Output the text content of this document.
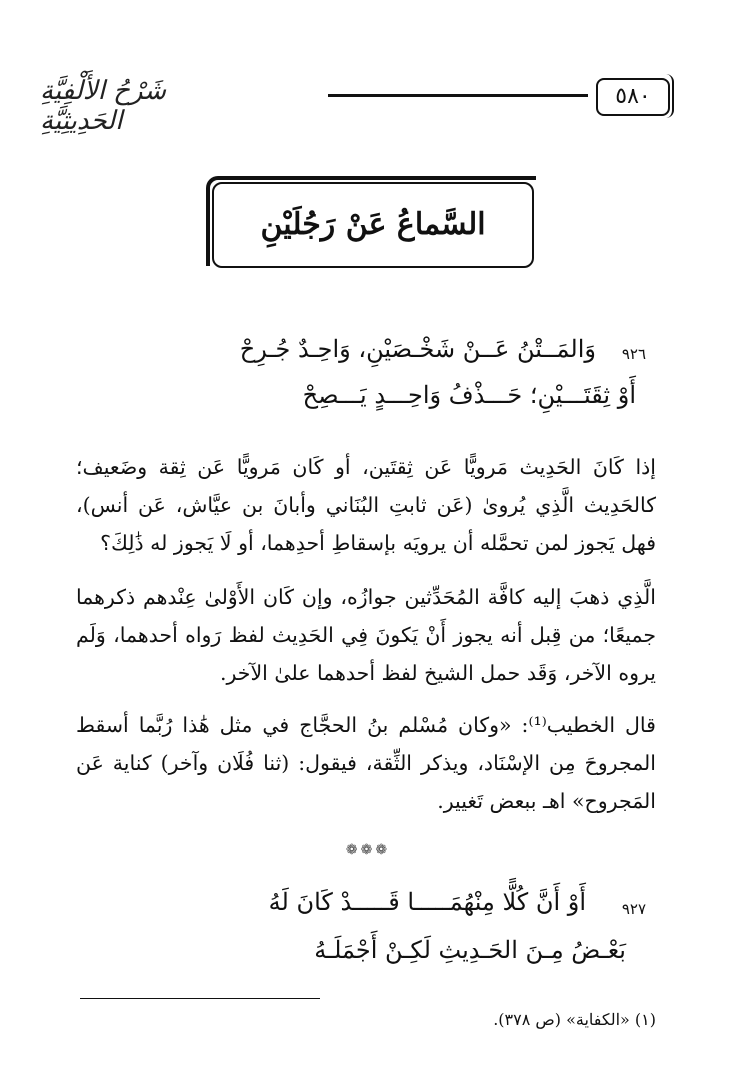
٥٨٠
شَرْحُ الأَلْفِيَّةِ الحَدِيثِيَّةِ
السَّماعُ عَنْ رَجُلَيْنِ
٩٢٦
وَالمَــتْنُ عَــنْ شَخْـصَيْنِ، وَاحِـدٌ جُـرِحْ
أَوْ ثِقَتَـــيْنِ؛ حَـــذْفُ وَاحِـــدٍ يَـــصِحْ
إذا كَانَ الحَدِيث مَرويًّا عَن ثِقتَين، أو كَان مَرويًّا عَن ثِقة وضَعيف؛ كالحَدِيث الَّذِي يُروىٰ (عَن ثابتِ البُنَاني وأبانَ بن عيَّاش، عَن أنس)، فهل يَجوز لمن تحمَّله أن يرويَه بإسقاطِ أحدِهما، أو لَا يَجوز له ذَٰلِكَ؟
الَّذِي ذهبَ إليه كافَّة المُحَدِّثين جوازُه، وإن كَان الأَوْلىٰ عِنْدهم ذكرهما جميعًا؛ من قِبل أنه يجوز أَنْ يَكونَ فِي الحَدِيث لفظ رَواه أحدهما، وَلَم يروه الآخر، وَقَد حمل الشيخ لفظ أحدهما علىٰ الآخر.
قال الخطيب⁽¹⁾: «وكان مُسْلم بنُ الحجَّاج في مثل هَٰذا رُبَّما أسقط المجروحَ مِن الإسْنَاد، ويذكر الثِّقة، فيقول: (ثنا فُلَان وآخر) كناية عَن المَجروح» اهـ ببعض تَغيير.
❁❁❁
٩٢٧
أَوْ أَنَّ كُلًّا مِنْهُمَـــــا قَـــــدْ كَانَ لَهُ
بَعْـضُ مِـنَ الحَـدِيثِ لَكِـنْ أَجْمَلَـهُ
(١) «الكفاية» (ص ٣٧٨).
